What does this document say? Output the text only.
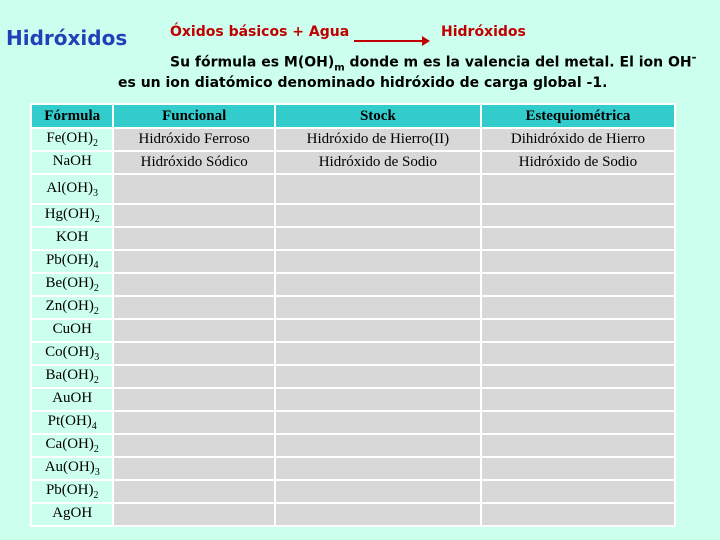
Hidróxidos	Óxidos básicos + Agua	Hidróxidos
Su fórmula es $M(OH)_m$ donde m es la valencia del metal. El ion OH-
es un ion diatómico denominado hidróxido de carga global -1.
Fórmula	Funcional	Stock	Estequiométrica
$Fe(OH)_2$	Hidróxido Ferroso	Hidróxido de Hierro(II)	Dihidróxido de Hierro
NaOH	Hidróxido Sódico	Hidróxido de Sodio	Hidróxido de Sodio
$Al(OH)_3$			
$Hg(OH)_2$			
KOH			
$Pb(OH)_4$			
$Be(OH)_2$			
$Zn(OH)_2$			
CuOH			
$Co(OH)_3$			
$Ba(OH)_2$			
AuOH			
$Pt(OH)_4$			
$Ca(OH)_2$			
$Au(OH)_3$			
$Pb(OH)_2$			
AgOH			
